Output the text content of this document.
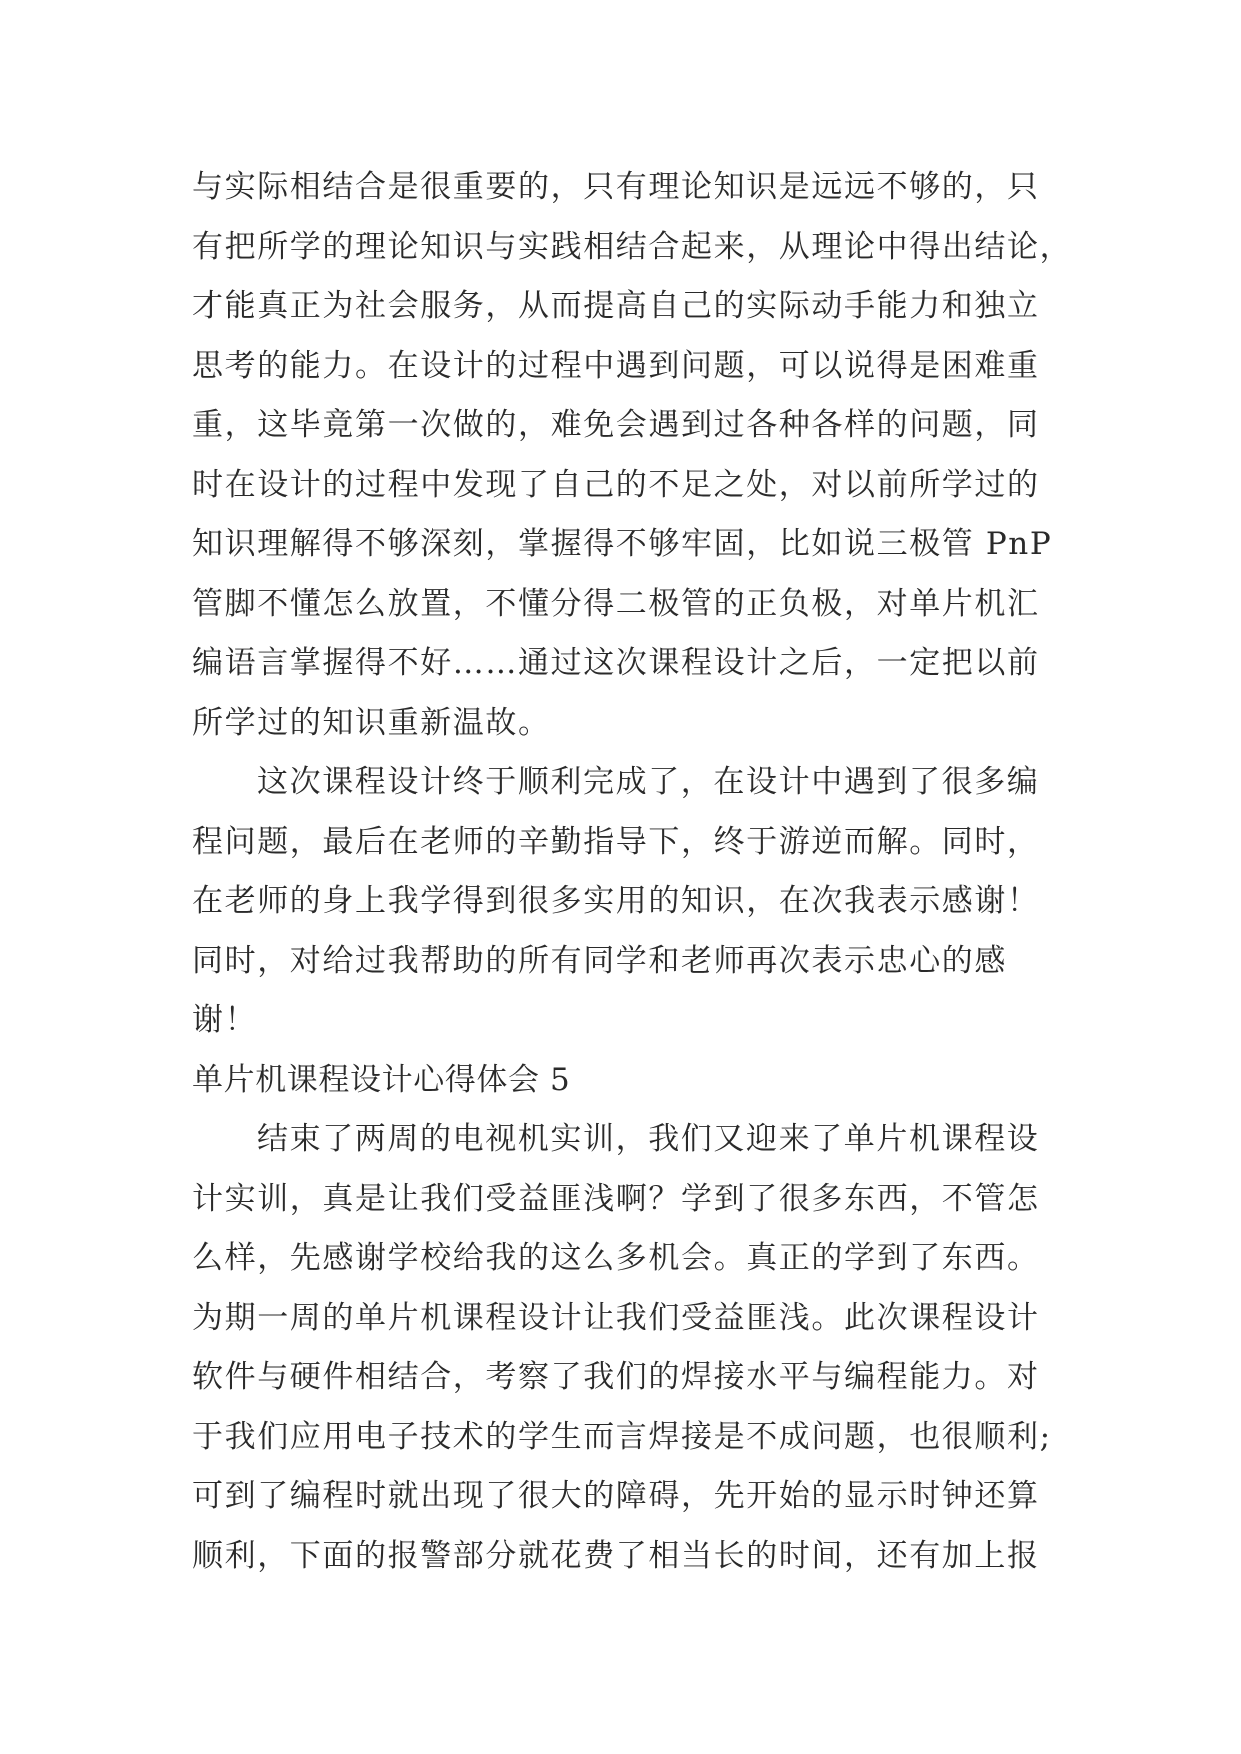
与实际相结合是很重要的，只有理论知识是远远不够的，只
有把所学的理论知识与实践相结合起来，从理论中得出结论，
才能真正为社会服务，从而提高自己的实际动手能力和独立
思考的能力。在设计的过程中遇到问题，可以说得是困难重
重，这毕竟第一次做的，难免会遇到过各种各样的问题，同
时在设计的过程中发现了自己的不足之处，对以前所学过的
知识理解得不够深刻，掌握得不够牢固，比如说三极管 PnP
管脚不懂怎么放置，不懂分得二极管的正负极，对单片机汇
编语言掌握得不好……通过这次课程设计之后，一定把以前
所学过的知识重新温故。
这次课程设计终于顺利完成了，在设计中遇到了很多编
程问题，最后在老师的辛勤指导下，终于游逆而解。同时，
在老师的身上我学得到很多实用的知识，在次我表示感谢！
同时，对给过我帮助的所有同学和老师再次表示忠心的感
谢！
单片机课程设计心得体会 5
结束了两周的电视机实训，我们又迎来了单片机课程设
计实训，真是让我们受益匪浅啊？学到了很多东西，不管怎
么样，先感谢学校给我的这么多机会。真正的学到了东西。
为期一周的单片机课程设计让我们受益匪浅。此次课程设计
软件与硬件相结合，考察了我们的焊接水平与编程能力。对
于我们应用电子技术的学生而言焊接是不成问题，也很顺利;
可到了编程时就出现了很大的障碍，先开始的显示时钟还算
顺利，下面的报警部分就花费了相当长的时间，还有加上报
